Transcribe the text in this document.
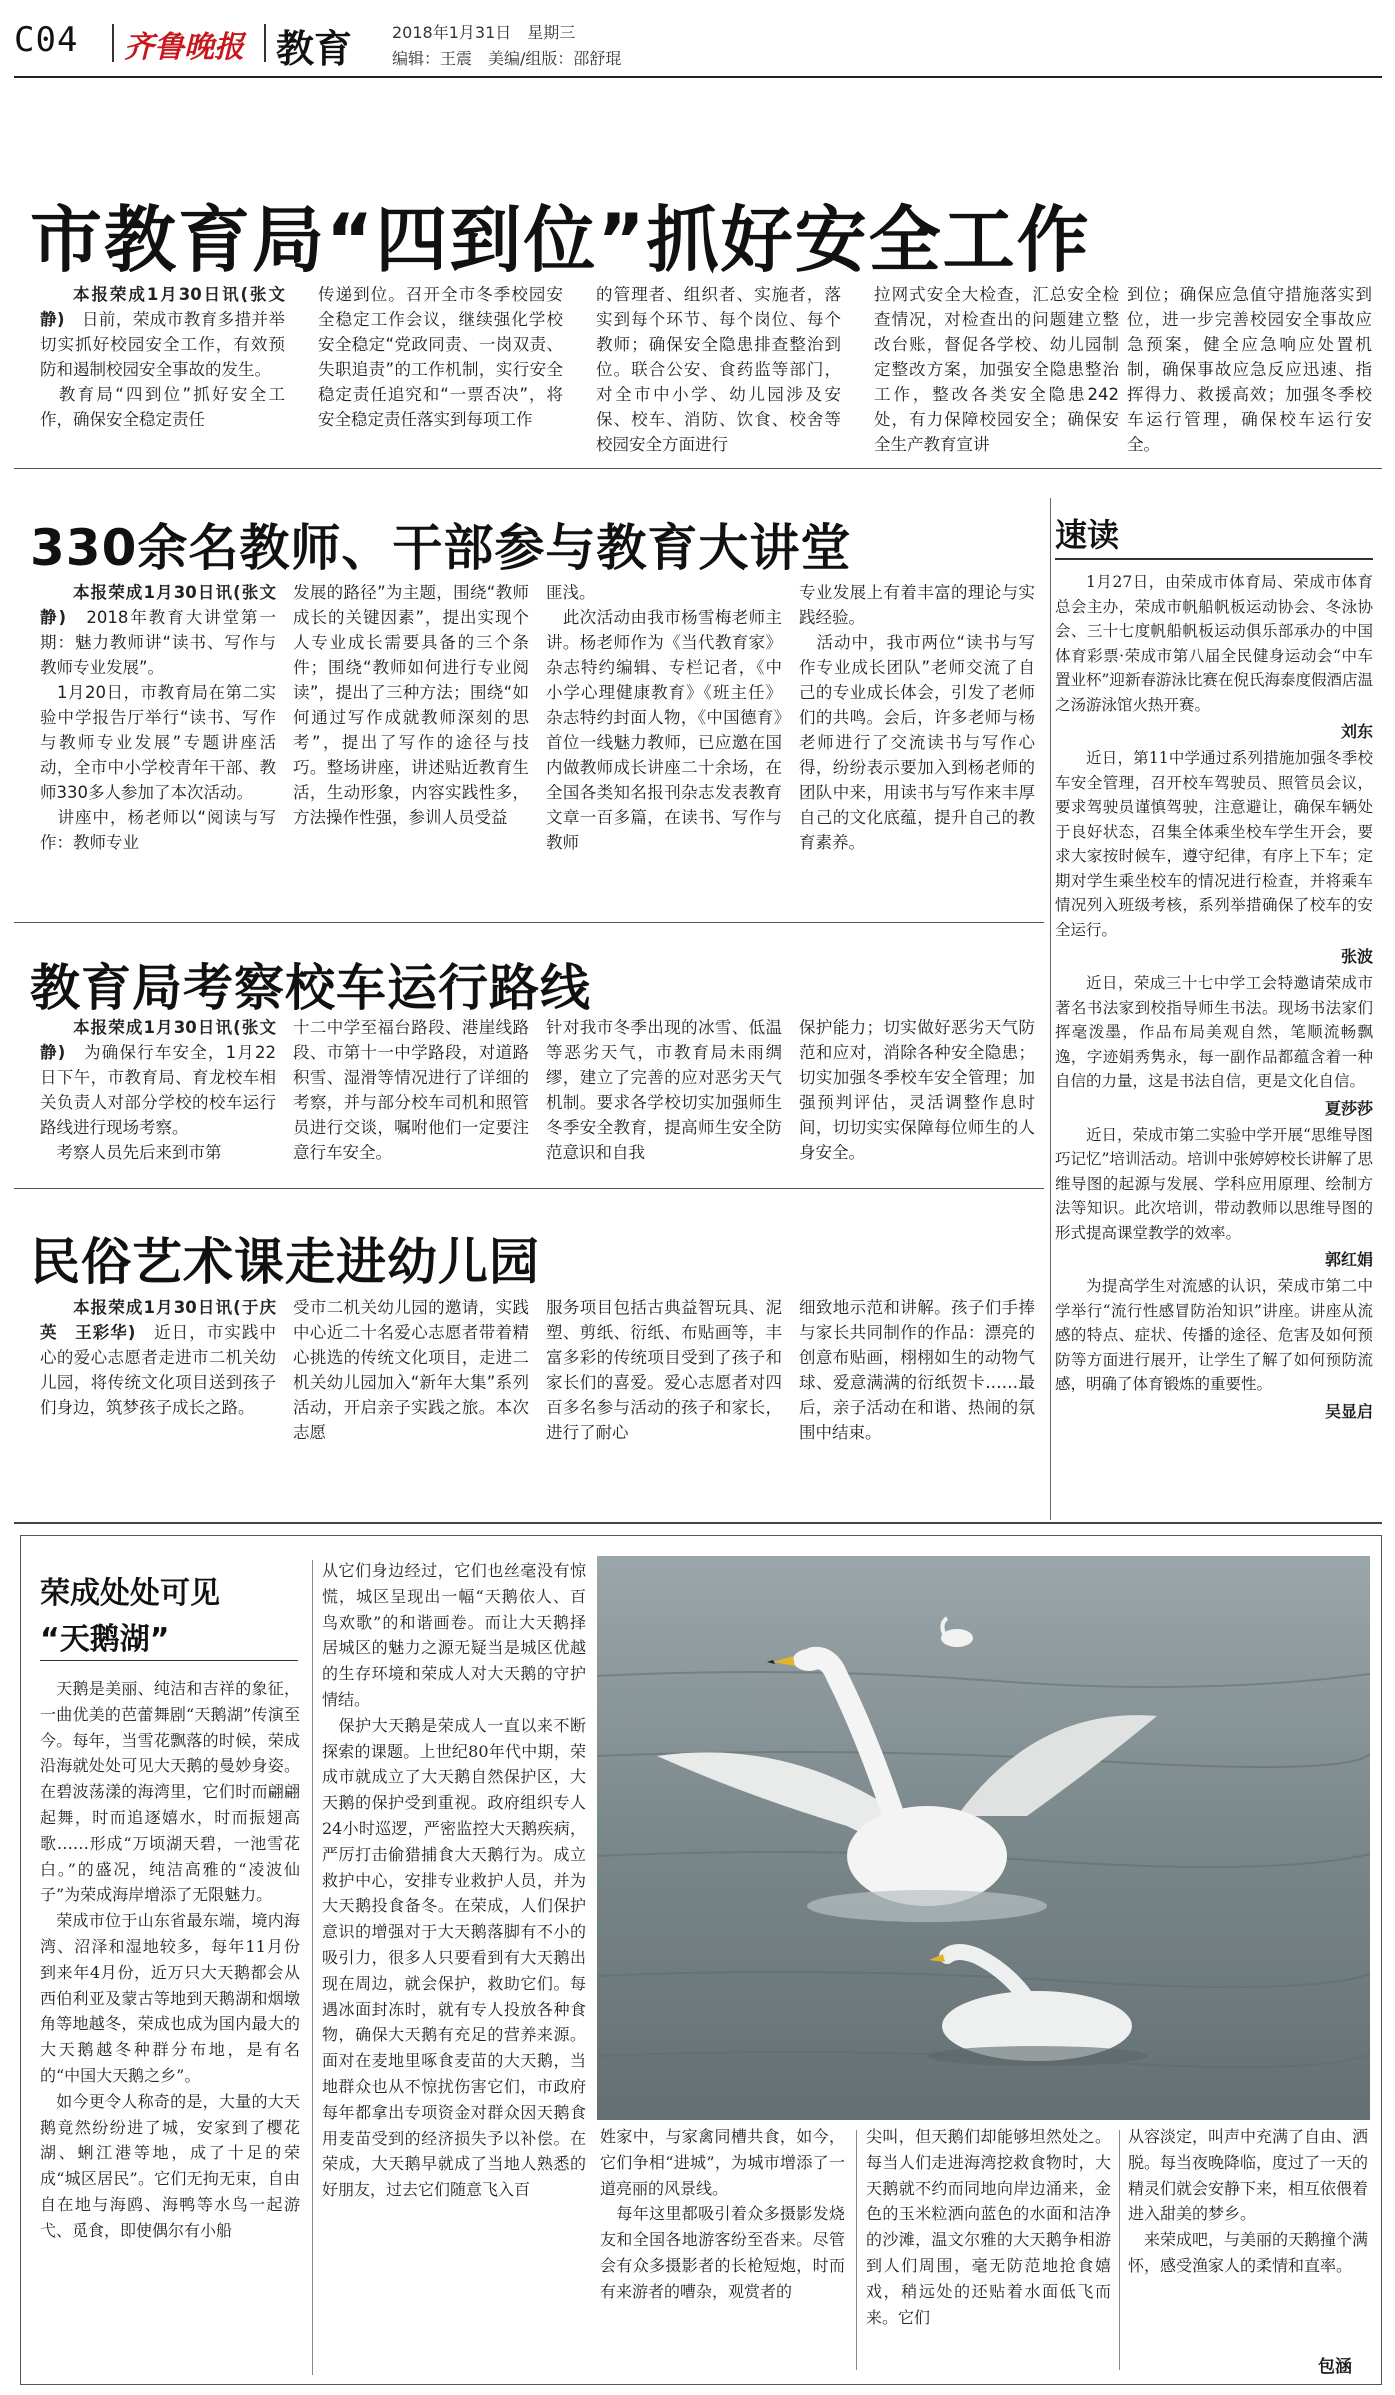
C04 齐鲁晚报 教育 2018年1月31日　星期三
编辑：王震　美编/组版：邵舒琨
市教育局“四到位”抓好安全工作
本报荣成1月30日讯(张文静)　日前，荣成市教育多措并举切实抓好校园安全工作，有效预防和遏制校园安全事故的发生。
　教育局“四到位”抓好安全工作，确保安全稳定责任
传递到位。召开全市冬季校园安全稳定工作会议，继续强化学校安全稳定“党政同责、一岗双责、失职追责”的工作机制，实行安全稳定责任追究和“一票否决”，将安全稳定责任落实到每项工作
的管理者、组织者、实施者，落实到每个环节、每个岗位、每个教师；确保安全隐患排查整治到位。联合公安、食药监等部门，对全市中小学、幼儿园涉及安保、校车、消防、饮食、校舍等校园安全方面进行
拉网式安全大检查，汇总安全检查情况，对检查出的问题建立整改台账，督促各学校、幼儿园制定整改方案，加强安全隐患整治工作，整改各类安全隐患242处，有力保障校园安全；确保安全生产教育宣讲
到位；确保应急值守措施落实到位，进一步完善校园安全事故应急预案，健全应急响应处置机制，确保事故应急反应迅速、指挥得力、救援高效；加强冬季校车运行管理，确保校车运行安全。
330余名教师、干部参与教育大讲堂
本报荣成1月30日讯(张文静)　2018年教育大讲堂第一期：魅力教师讲“读书、写作与教师专业发展”。
　1月20日，市教育局在第二实验中学报告厅举行“读书、写作与教师专业发展”专题讲座活动，全市中小学校青年干部、教师330多人参加了本次活动。
　讲座中，杨老师以“阅读与写作：教师专业
发展的路径”为主题，围绕“教师成长的关键因素”，提出实现个人专业成长需要具备的三个条件；围绕“教师如何进行专业阅读”，提出了三种方法；围绕“如何通过写作成就教师深刻的思考”，提出了写作的途径与技巧。整场讲座，讲述贴近教育生活，生动形象，内容实践性多，方法操作性强，参训人员受益
匪浅。
　此次活动由我市杨雪梅老师主讲。杨老师作为《当代教育家》杂志特约编辑、专栏记者，《中小学心理健康教育》《班主任》杂志特约封面人物，《中国德育》首位一线魅力教师，已应邀在国内做教师成长讲座二十余场，在全国各类知名报刊杂志发表教育文章一百多篇，在读书、写作与教师
专业发展上有着丰富的理论与实践经验。
　活动中，我市两位“读书与写作专业成长团队”老师交流了自己的专业成长体会，引发了老师们的共鸣。会后，许多老师与杨老师进行了交流读书与写作心得，纷纷表示要加入到杨老师的团队中来，用读书与写作来丰厚自己的文化底蕴，提升自己的教育素养。
教育局考察校车运行路线
本报荣成1月30日讯(张文静)　为确保行车安全，1月22日下午，市教育局、育龙校车相关负责人对部分学校的校车运行路线进行现场考察。
　考察人员先后来到市第
十二中学至福台路段、港崖线路段、市第十一中学路段，对道路积雪、湿滑等情况进行了详细的考察，并与部分校车司机和照管员进行交谈，嘱咐他们一定要注意行车安全。
针对我市冬季出现的冰雪、低温等恶劣天气，市教育局未雨绸缪，建立了完善的应对恶劣天气机制。要求各学校切实加强师生冬季安全教育，提高师生安全防范意识和自我
保护能力；切实做好恶劣天气防范和应对，消除各种安全隐患；切实加强冬季校车安全管理；加强预判评估，灵活调整作息时间，切切实实保障每位师生的人身安全。
民俗艺术课走进幼儿园
本报荣成1月30日讯(于庆英　王彩华)　近日，市实践中心的爱心志愿者走进市二机关幼儿园，将传统文化项目送到孩子们身边，筑梦孩子成长之路。
受市二机关幼儿园的邀请，实践中心近二十名爱心志愿者带着精心挑选的传统文化项目，走进二机关幼儿园加入“新年大集”系列活动，开启亲子实践之旅。本次志愿
服务项目包括古典益智玩具、泥塑、剪纸、衍纸、布贴画等，丰富多彩的传统项目受到了孩子和家长们的喜爱。爱心志愿者对四百多名参与活动的孩子和家长，进行了耐心
细致地示范和讲解。孩子们手捧与家长共同制作的作品：漂亮的创意布贴画，栩栩如生的动物气球、爱意满满的衍纸贺卡……最后，亲子活动在和谐、热闹的氛围中结束。
速读
1月27日，由荣成市体育局、荣成市体育总会主办，荣成市帆船帆板运动协会、冬泳协会、三十七度帆船帆板运动俱乐部承办的中国体育彩票·荣成市第八届全民健身运动会“中车置业杯”迎新春游泳比赛在倪氏海泰度假酒店温之汤游泳馆火热开赛。
刘东
近日，第11中学通过系列措施加强冬季校车安全管理，召开校车驾驶员、照管员会议，要求驾驶员谨慎驾驶，注意避让，确保车辆处于良好状态，召集全体乘坐校车学生开会，要求大家按时候车，遵守纪律，有序上下车；定期对学生乘坐校车的情况进行检查，并将乘车情况列入班级考核，系列举措确保了校车的安全运行。
张波
近日，荣成三十七中学工会特邀请荣成市著名书法家到校指导师生书法。现场书法家们挥毫泼墨，作品布局美观自然，笔顺流畅飘逸，字迹娟秀隽永，每一副作品都蕴含着一种自信的力量，这是书法自信，更是文化自信。
夏莎莎
近日，荣成市第二实验中学开展“思维导图巧记忆”培训活动。培训中张婷婷校长讲解了思维导图的起源与发展、学科应用原理、绘制方法等知识。此次培训，带动教师以思维导图的形式提高课堂教学的效率。
郭红娟
为提高学生对流感的认识，荣成市第二中学举行“流行性感冒防治知识”讲座。讲座从流感的特点、症状、传播的途径、危害及如何预防等方面进行展开，让学生了解了如何预防流感，明确了体育锻炼的重要性。
吴显启
荣成处处可见
“天鹅湖”
　天鹅是美丽、纯洁和吉祥的象征，一曲优美的芭蕾舞剧“天鹅湖”传演至今。每年，当雪花飘落的时候，荣成沿海就处处可见大天鹅的曼妙身姿。在碧波荡漾的海湾里，它们时而翩翩起舞，时而追逐嬉水，时而振翅高歌……形成“万顷湖天碧，一池雪花白。”的盛况，纯洁高雅的“凌波仙子”为荣成海岸增添了无限魅力。
　荣成市位于山东省最东端，境内海湾、沼泽和湿地较多，每年11月份到来年4月份，近万只大天鹅都会从西伯利亚及蒙古等地到天鹅湖和烟墩角等地越冬，荣成也成为国内最大的大天鹅越冬种群分布地，是有名的“中国大天鹅之乡”。
　如今更令人称奇的是，大量的大天鹅竟然纷纷进了城，安家到了樱花湖、蜊江港等地，成了十足的荣成“城区居民”。它们无拘无束，自由自在地与海鸥、海鸭等水鸟一起游弋、觅食，即使偶尔有小船
从它们身边经过，它们也丝毫没有惊慌，城区呈现出一幅“天鹅依人、百鸟欢歌”的和谐画卷。而让大天鹅择居城区的魅力之源无疑当是城区优越的生存环境和荣成人对大天鹅的守护情结。
　保护大天鹅是荣成人一直以来不断探索的课题。上世纪80年代中期，荣成市就成立了大天鹅自然保护区，大天鹅的保护受到重视。政府组织专人24小时巡逻，严密监控大天鹅疾病，严厉打击偷猎捕食大天鹅行为。成立救护中心，安排专业救护人员，并为大天鹅投食备冬。在荣成，人们保护意识的增强对于大天鹅落脚有不小的吸引力，很多人只要看到有大天鹅出现在周边，就会保护，救助它们。每遇冰面封冻时，就有专人投放各种食物，确保大天鹅有充足的营养来源。面对在麦地里啄食麦苗的大天鹅，当地群众也从不惊扰伤害它们，市政府每年都拿出专项资金对群众因天鹅食用麦苗受到的经济损失予以补偿。在荣成，大天鹅早就成了当地人熟悉的好朋友，过去它们随意飞入百
姓家中，与家禽同槽共食，如今，它们争相“进城”，为城市增添了一道亮丽的风景线。
　每年这里都吸引着众多摄影发烧友和全国各地游客纷至沓来。尽管会有众多摄影者的长枪短炮，时而有来游者的嘈杂，观赏者的
尖叫，但天鹅们却能够坦然处之。每当人们走进海湾挖救食物时，大天鹅就不约而同地向岸边涌来，金色的玉米粒洒向蓝色的水面和洁净的沙滩，温文尔雅的大天鹅争相游到人们周围，毫无防范地抢食嬉戏，稍远处的还贴着水面低飞而来。它们
从容淡定，叫声中充满了自由、洒脱。每当夜晚降临，度过了一天的精灵们就会安静下来，相互依偎着进入甜美的梦乡。
　来荣成吧，与美丽的天鹅撞个满怀，感受渔家人的柔情和直率。
包涵
